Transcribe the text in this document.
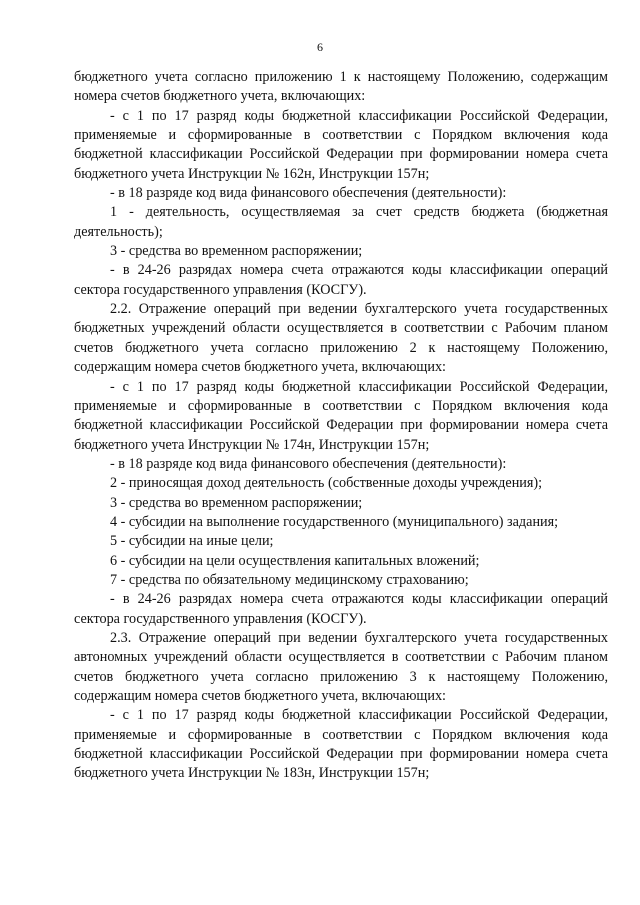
6

бюджетного учета согласно приложению 1 к настоящему Положению, содержащим номера счетов бюджетного учета, включающих:

- с 1 по 17 разряд коды бюджетной классификации Российской Федерации, применяемые и сформированные в соответствии с Порядком включения кода бюджетной классификации Российской Федерации при формировании номера счета бюджетного учета Инструкции № 162н, Инструкции 157н;

- в 18 разряде код вида финансового обеспечения (деятельности):

1 - деятельность, осуществляемая за счет средств бюджета (бюджетная деятельность);

3 - средства во временном распоряжении;

- в 24-26 разрядах номера счета отражаются коды классификации операций сектора государственного управления (КОСГУ).

2.2. Отражение операций при ведении бухгалтерского учета государственных бюджетных учреждений области осуществляется в соответствии с Рабочим планом счетов бюджетного учета согласно приложению 2 к настоящему Положению, содержащим номера счетов бюджетного учета, включающих:

- с 1 по 17 разряд коды бюджетной классификации Российской Федерации, применяемые и сформированные в соответствии с Порядком включения кода бюджетной классификации Российской Федерации при формировании номера счета бюджетного учета Инструкции № 174н, Инструкции 157н;

- в 18 разряде код вида финансового обеспечения (деятельности):

2 - приносящая доход деятельность (собственные доходы учреждения);

3 - средства во временном распоряжении;

4 - субсидии на выполнение государственного (муниципального) задания;

5 - субсидии на иные цели;

6 - субсидии на цели осуществления капитальных вложений;

7 - средства по обязательному медицинскому страхованию;

- в 24-26 разрядах номера счета отражаются коды классификации операций сектора государственного управления (КОСГУ).

2.3. Отражение операций при ведении бухгалтерского учета государственных автономных учреждений области осуществляется в соответствии с Рабочим планом счетов бюджетного учета согласно приложению 3 к настоящему Положению, содержащим номера счетов бюджетного учета, включающих:

- с 1 по 17 разряд коды бюджетной классификации Российской Федерации, применяемые и сформированные в соответствии с Порядком включения кода бюджетной классификации Российской Федерации при формировании номера счета бюджетного учета Инструкции № 183н, Инструкции 157н;
